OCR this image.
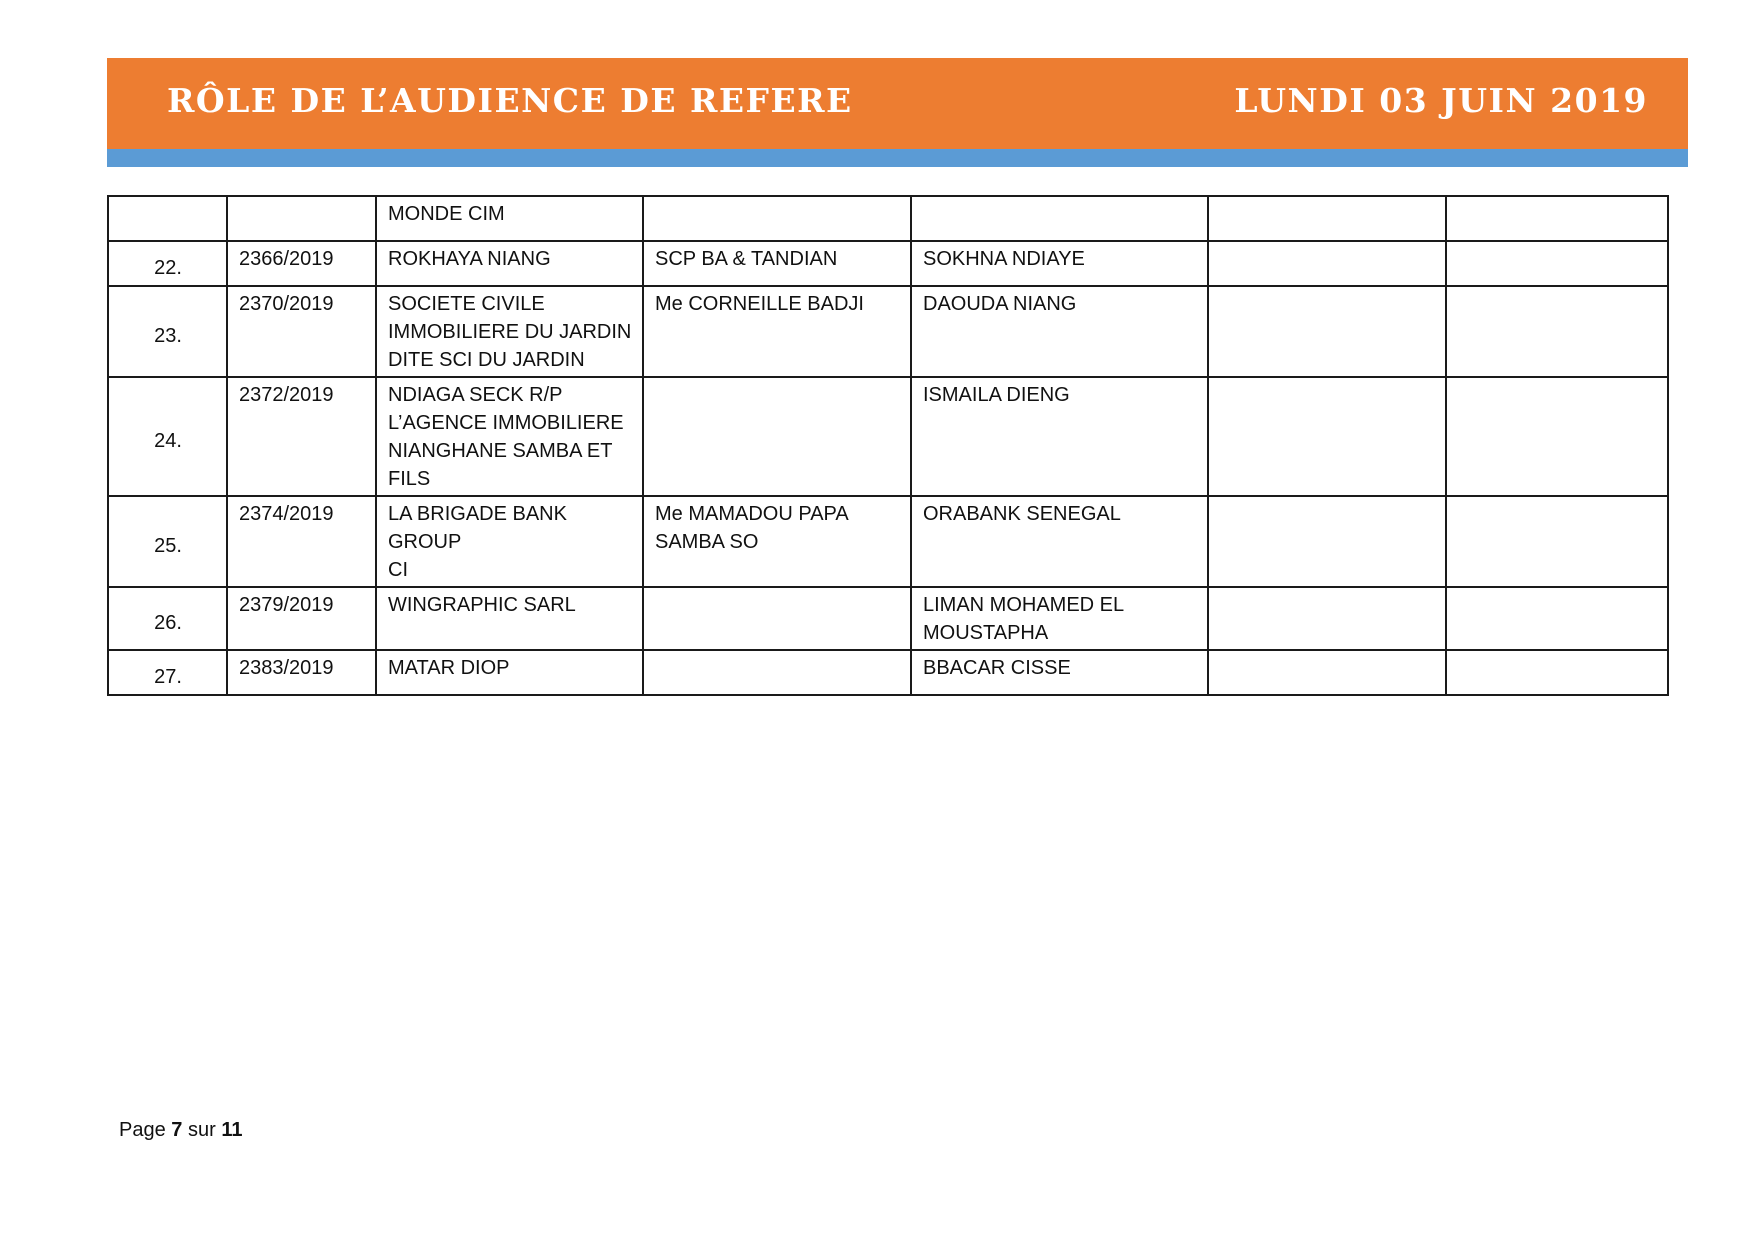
RÔLE DE L’AUDIENCE DE REFERE	LUNDI 03 JUIN 2019
		MONDE CIM				
22.	2366/2019	ROKHAYA NIANG	SCP BA & TANDIAN	SOKHNA NDIAYE		
23.	2370/2019	SOCIETE CIVILE
IMMOBILIERE DU JARDIN
DITE SCI DU JARDIN	Me CORNEILLE BADJI	DAOUDA NIANG		
24.	2372/2019	NDIAGA SECK R/P
L’AGENCE IMMOBILIERE
NIANGHANE SAMBA ET
FILS		ISMAILA DIENG		
25.	2374/2019	LA BRIGADE BANK GROUP
CI	Me MAMADOU PAPA
SAMBA SO	ORABANK SENEGAL		
26.	2379/2019	WINGRAPHIC SARL		LIMAN MOHAMED EL
MOUSTAPHA		
27.	2383/2019	MATAR DIOP		BBACAR CISSE		
Page 7 sur 11
